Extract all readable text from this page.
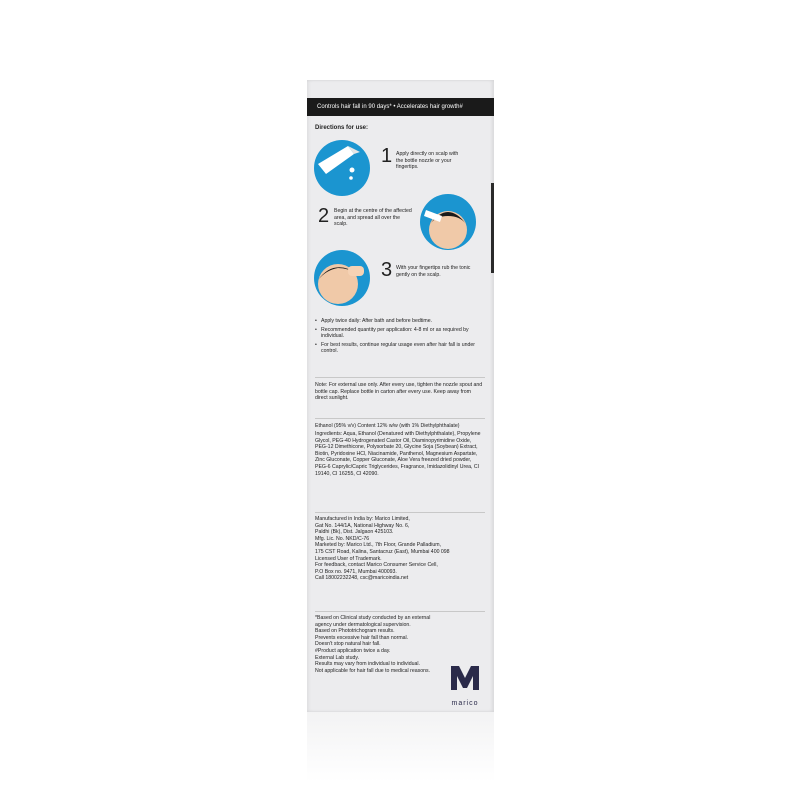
Controls hair fall in 90 days* • Accelerates hair growth#
Directions for use:
1 Apply directly on scalp with the bottle nozzle or your fingertips.
2 Begin at the centre of the affected area, and spread all over the scalp.
3 With your fingertips rub the tonic gently on the scalp.
• Apply twice daily: After bath and before bedtime.
• Recommended quantity per application: 4-8 ml or as required by individual.
• For best results, continue regular usage even after hair fall is under control.
Note: For external use only. After every use, tighten the nozzle spout and bottle cap. Replace bottle in carton after every use. Keep away from direct sunlight.
Ethanol (95% v/v) Content 12% w/w (with 1% Diethylphthalate)
Ingredients: Aqua, Ethanol (Denatured with Diethylphthalate), Propylene Glycol, PEG-40 Hydrogenated Castor Oil, Diaminopyrimidine Oxide, PEG-12 Dimethicone, Polysorbate 20, Glycine Soja (Soybean) Extract, Biotin, Pyridoxine HCl, Niacinamide, Panthenol, Magnesium Aspartate, Zinc Gluconate, Copper Gluconate, Aloe Vera freezed dried powder, PEG-6 Caprylic/Capric Triglycerides, Fragrance, Imidazolidinyl Urea, CI 19140, CI 16255, CI 42090.
Manufactured in India by: Marico Limited,
Gat No. 144/1A, National Highway No. 6,
Paldhi (Bk), Dist. Jalgaon 425103.
Mfg. Lic. No. NKD/C-76
Marketed by: Marico Ltd., 7th Floor, Grande Palladium,
175 CST Road, Kalina, Santacruz (East), Mumbai 400 098
Licensed User of Trademark.
For feedback, contact Marico Consumer Service Cell,
P.O Box no. 9471, Mumbai 400093.
Call 18002232248, csc@maricoindia.net
*Based on Clinical study conducted by an external agency under dermatological supervision.
Based on Phototrichogram results.
Prevents excessive hair fall than normal.
Doesn't stop natural hair fall.
#Product application twice a day.
External Lab study.
Results may vary from individual to individual.
Not applicable for hair fall due to medical reasons.
marico
